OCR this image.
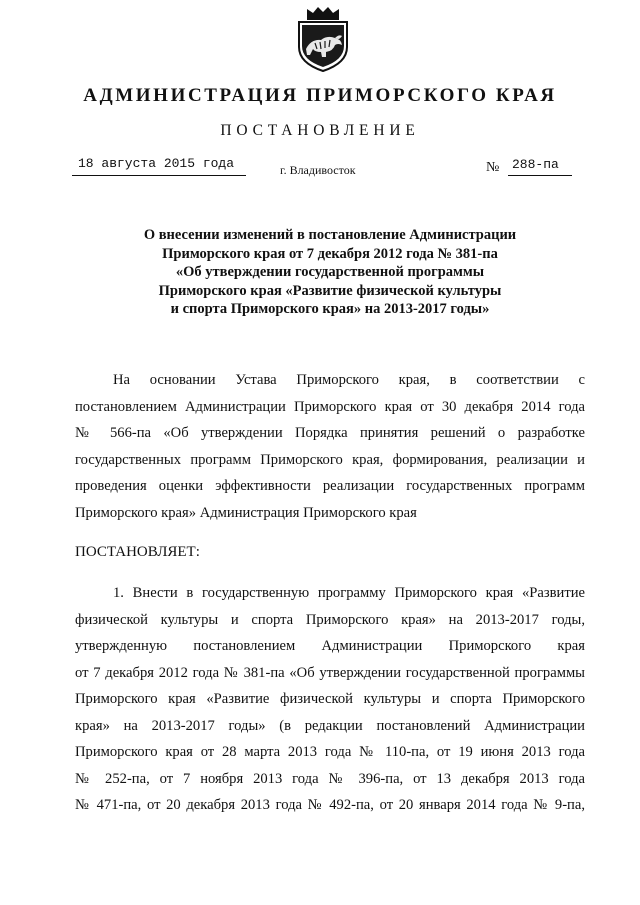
АДМИНИСТРАЦИЯ ПРИМОРСКОГО КРАЯ
ПОСТАНОВЛЕНИЕ
18 августа 2015 года	г. Владивосток	№ 288-па
О внесении изменений в постановление Администрации
Приморского края от 7 декабря 2012 года № 381-па
«Об утверждении государственной программы
Приморского края «Развитие физической культуры
и спорта Приморского края» на 2013-2017 годы»
На основании Устава Приморского края, в соответствии с
постановлением Администрации Приморского края от 30 декабря 2014 года
№ 566-па «Об утверждении Порядка принятия решений о разработке
государственных программ Приморского края, формирования, реализации и
проведения оценки эффективности реализации государственных программ
Приморского края» Администрация Приморского края
ПОСТАНОВЛЯЕТ:
1. Внести в государственную программу Приморского края «Развитие
физической культуры и спорта Приморского края» на 2013-2017 годы,
утвержденную постановлением Администрации Приморского края
от 7 декабря 2012 года № 381-па «Об утверждении государственной программы
Приморского края «Развитие физической культуры и спорта Приморского
края» на 2013-2017 годы» (в редакции постановлений Администрации
Приморского края от 28 марта 2013 года № 110-па, от 19 июня 2013 года
№ 252-па, от 7 ноября 2013 года № 396-па, от 13 декабря 2013 года
№ 471-па, от 20 декабря 2013 года № 492-па, от 20 января 2014 года № 9-па,
